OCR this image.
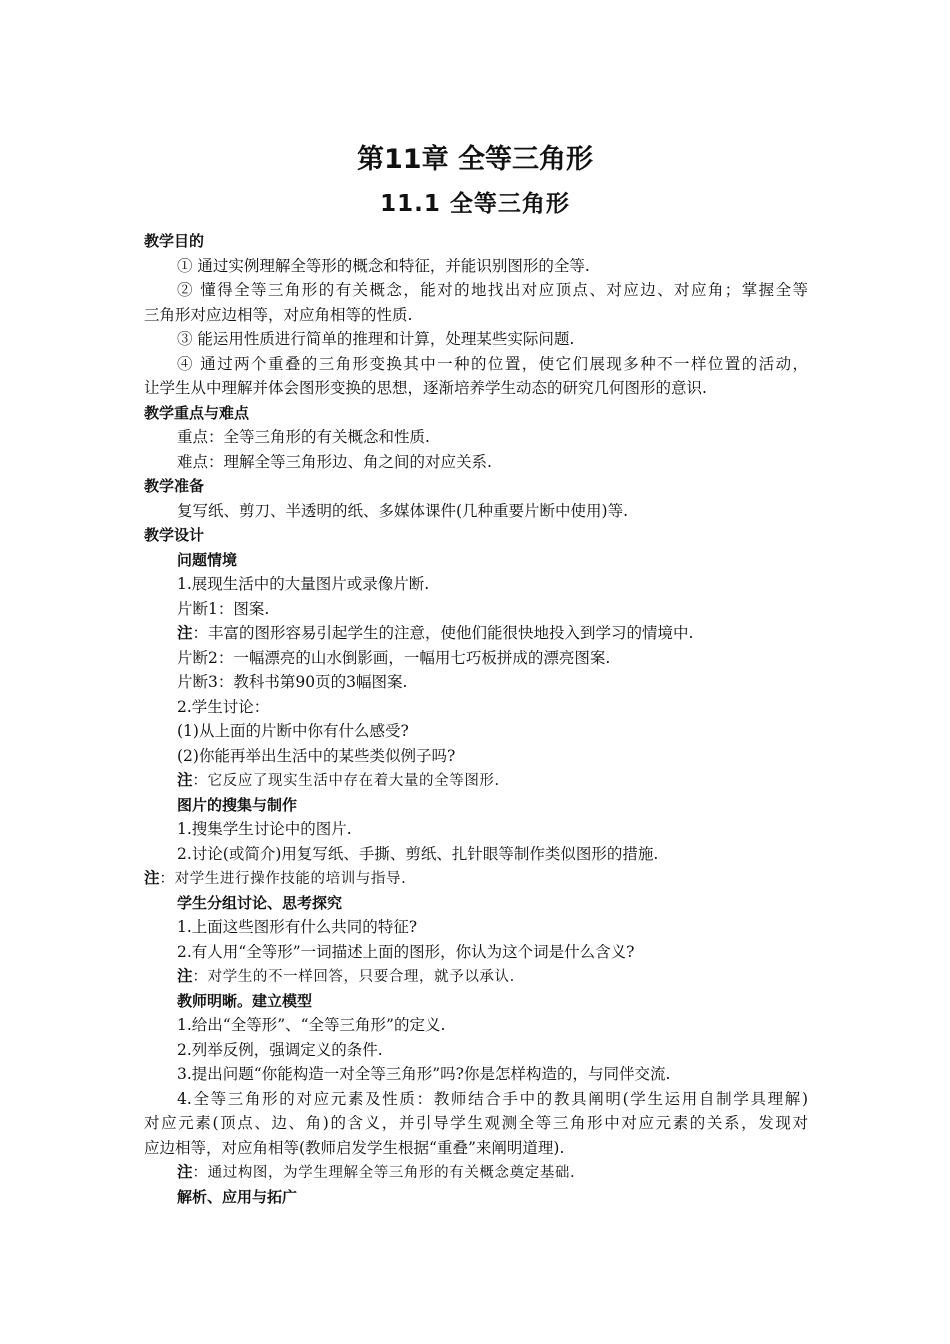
第11章 全等三角形
11.1 全等三角形
教学目的
① 通过实例理解全等形的概念和特征，并能识别图形的全等.
② 懂得全等三角形的有关概念，能对的地找出对应顶点、对应边、对应角；掌握全等
三角形对应边相等，对应角相等的性质.
③ 能运用性质进行简单的推理和计算，处理某些实际问题.
④ 通过两个重叠的三角形变换其中一种的位置，使它们展现多种不一样位置的活动，
让学生从中理解并体会图形变换的思想，逐渐培养学生动态的研究几何图形的意识.
教学重点与难点
重点：全等三角形的有关概念和性质.
难点：理解全等三角形边、角之间的对应关系.
教学准备
复写纸、剪刀、半透明的纸、多媒体课件(几种重要片断中使用)等.
教学设计
问题情境
1.展现生活中的大量图片或录像片断.
片断1：图案.
注：丰富的图形容易引起学生的注意，使他们能很快地投入到学习的情境中.
片断2：一幅漂亮的山水倒影画，一幅用七巧板拼成的漂亮图案.
片断3：教科书第90页的3幅图案.
2.学生讨论：
(1)从上面的片断中你有什么感受?
(2)你能再举出生活中的某些类似例子吗?
注：它反应了现实生活中存在着大量的全等图形.
图片的搜集与制作
1.搜集学生讨论中的图片.
2.讨论(或简介)用复写纸、手撕、剪纸、扎针眼等制作类似图形的措施.
注：对学生进行操作技能的培训与指导.
学生分组讨论、思考探究
1.上面这些图形有什么共同的特征?
2.有人用“全等形”一词描述上面的图形，你认为这个词是什么含义?
注：对学生的不一样回答，只要合理，就予以承认.
教师明晰。建立模型
1.给出“全等形”、“全等三角形”的定义.
2.列举反例，强调定义的条件.
3.提出问题“你能构造一对全等三角形”吗?你是怎样构造的，与同伴交流.
4.全等三角形的对应元素及性质：教师结合手中的教具阐明(学生运用自制学具理解)
对应元素(顶点、边、角)的含义，并引导学生观测全等三角形中对应元素的关系，发现对
应边相等，对应角相等(教师启发学生根据“重叠”来阐明道理).
注：通过构图，为学生理解全等三角形的有关概念奠定基础.
解析、应用与拓广
